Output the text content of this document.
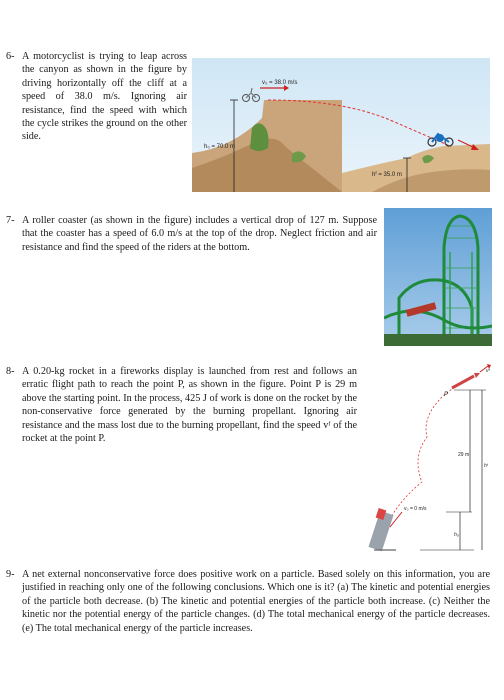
6- A motorcyclist is trying to leap across the canyon as shown in the figure by driving horizontally off the cliff at a speed of 38.0 m/s. Ignoring air resistance, find the speed with which the cycle strikes the ground on the other side.

v₀ = 38.0 m/s
h₀ = 70.0 m
hᶠ = 35.0 m
7- A roller coaster (as shown in the figure) includes a vertical drop of 127 m. Suppose that the coaster has a speed of 6.0 m/s at the top of the drop. Neglect friction and air resistance and find the speed of the riders at the bottom.

8- A 0.20-kg rocket in a fireworks display is launched from rest and follows an erratic flight path to reach the point P, as shown in the figure. Point P is 29 m above the starting point. In the process, 425 J of work is done on the rocket by the non-conservative force generated by the burning propellant. Ignoring air resistance and the mass lost due to the burning propellant, find the speed vᶠ of the rocket at the point P.

vᶠ
P
29 m
hᶠ
v₀ = 0 m/s
h₀
9- A net external nonconservative force does positive work on a particle. Based solely on this information, you are justified in reaching only one of the following conclusions. Which one is it? (a) The kinetic and potential energies of the particle both decrease. (b) The kinetic and potential energies of the particle both increase. (c) Neither the kinetic nor the potential energy of the particle changes. (d) The total mechanical energy of the particle decreases. (e) The total mechanical energy of the particle increases.
